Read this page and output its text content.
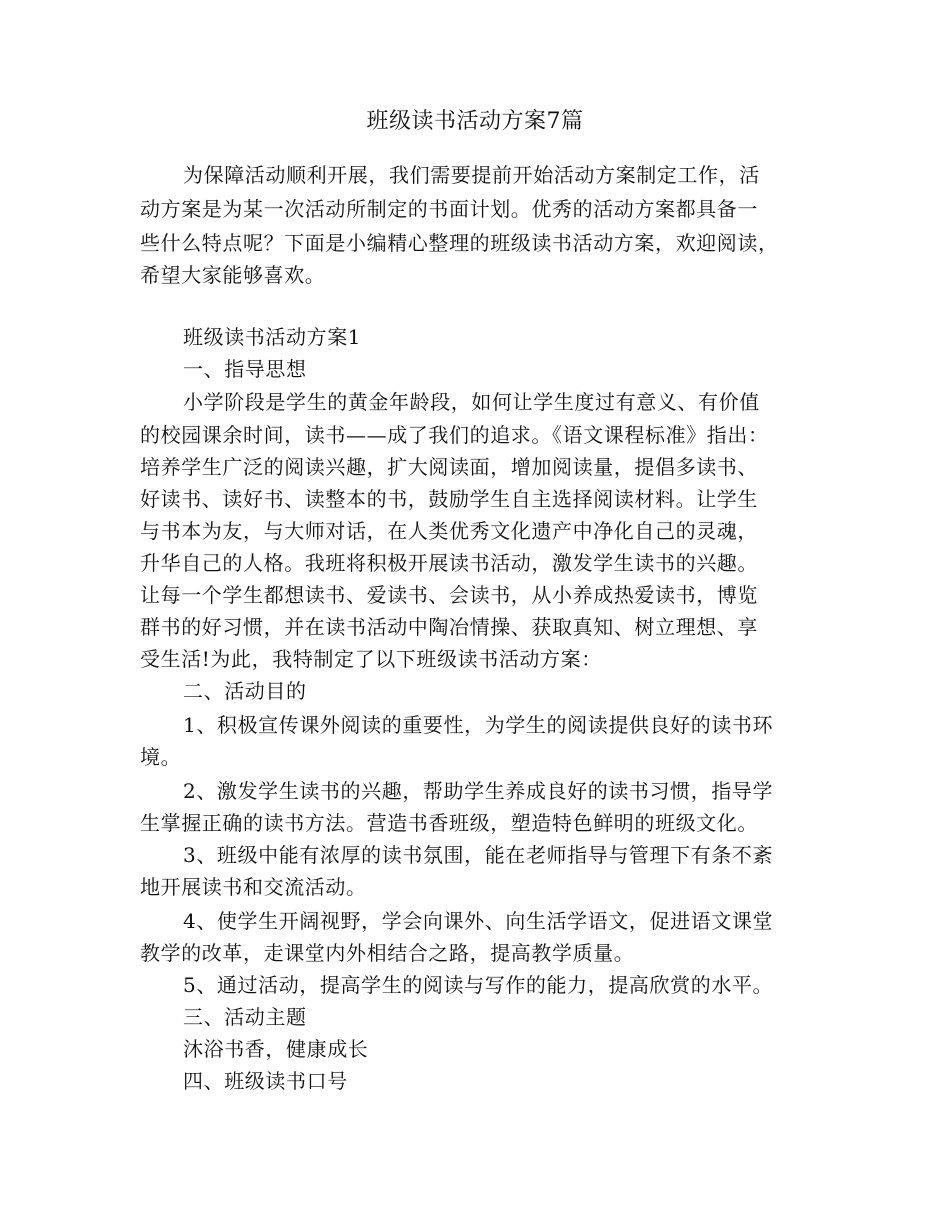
班级读书活动方案7篇
为保障活动顺利开展，我们需要提前开始活动方案制定工作，活
动方案是为某一次活动所制定的书面计划。优秀的活动方案都具备一
些什么特点呢？下面是小编精心整理的班级读书活动方案，欢迎阅读，
希望大家能够喜欢。
班级读书活动方案1
一、指导思想
小学阶段是学生的黄金年龄段，如何让学生度过有意义、有价值
的校园课余时间，读书——成了我们的追求。《语文课程标准》指出：
培养学生广泛的阅读兴趣，扩大阅读面，增加阅读量，提倡多读书、
好读书、读好书、读整本的书，鼓励学生自主选择阅读材料。让学生
与书本为友，与大师对话，在人类优秀文化遗产中净化自己的灵魂，
升华自己的人格。我班将积极开展读书活动，激发学生读书的兴趣。
让每一个学生都想读书、爱读书、会读书，从小养成热爱读书，博览
群书的好习惯，并在读书活动中陶冶情操、获取真知、树立理想、享
受生活!为此，我特制定了以下班级读书活动方案：
二、活动目的
1、积极宣传课外阅读的重要性，为学生的阅读提供良好的读书环
境。
2、激发学生读书的兴趣，帮助学生养成良好的读书习惯，指导学
生掌握正确的读书方法。营造书香班级，塑造特色鲜明的班级文化。
3、班级中能有浓厚的读书氛围，能在老师指导与管理下有条不紊
地开展读书和交流活动。
4、使学生开阔视野，学会向课外、向生活学语文，促进语文课堂
教学的改革，走课堂内外相结合之路，提高教学质量。
5、通过活动，提高学生的阅读与写作的能力，提高欣赏的水平。
三、活动主题
沐浴书香，健康成长
四、班级读书口号
